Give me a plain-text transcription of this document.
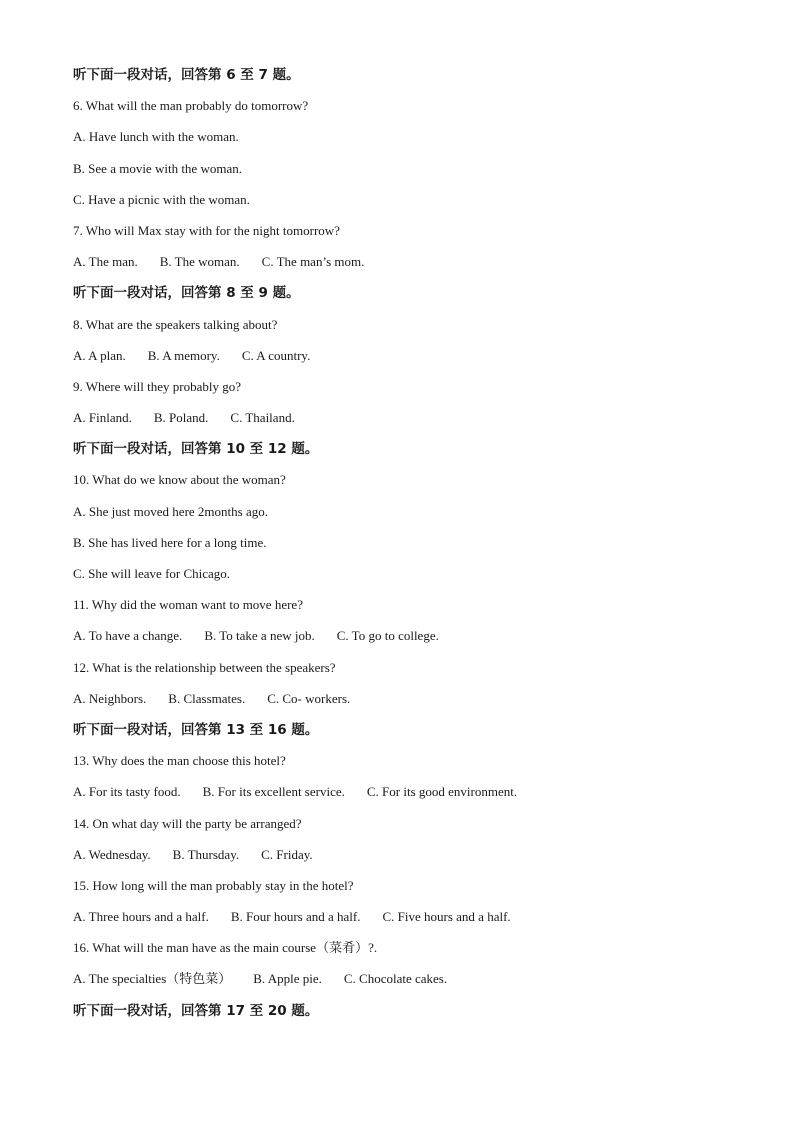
听下面一段对话，回答第 6 至 7 题。
6. What will the man probably do tomorrow?
A. Have lunch with the woman.
B. See a movie with the woman.
C. Have a picnic with the woman.
7. Who will Max stay with for the night tomorrow?
A. The man. B. The woman. C. The man’s mom.
听下面一段对话，回答第 8 至 9 题。
8. What are the speakers talking about?
A. A plan. B. A memory. C. A country.
9. Where will they probably go?
A. Finland. B. Poland. C. Thailand.
听下面一段对话，回答第 10 至 12 题。
10. What do we know about the woman?
A. She just moved here 2months ago.
B. She has lived here for a long time.
C. She will leave for Chicago.
11. Why did the woman want to move here?
A. To have a change. B. To take a new job. C. To go to college.
12. What is the relationship between the speakers?
A. Neighbors. B. Classmates. C. Co- workers.
听下面一段对话，回答第 13 至 16 题。
13. Why does the man choose this hotel?
A. For its tasty food. B. For its excellent service. C. For its good environment.
14. On what day will the party be arranged?
A. Wednesday. B. Thursday. C. Friday.
15. How long will the man probably stay in the hotel?
A. Three hours and a half. B. Four hours and a half. C. Five hours and a half.
16. What will the man have as the main course（菜肴）?.
A. The specialties（特色菜） B. Apple pie. C. Chocolate cakes.
听下面一段对话，回答第 17 至 20 题。
